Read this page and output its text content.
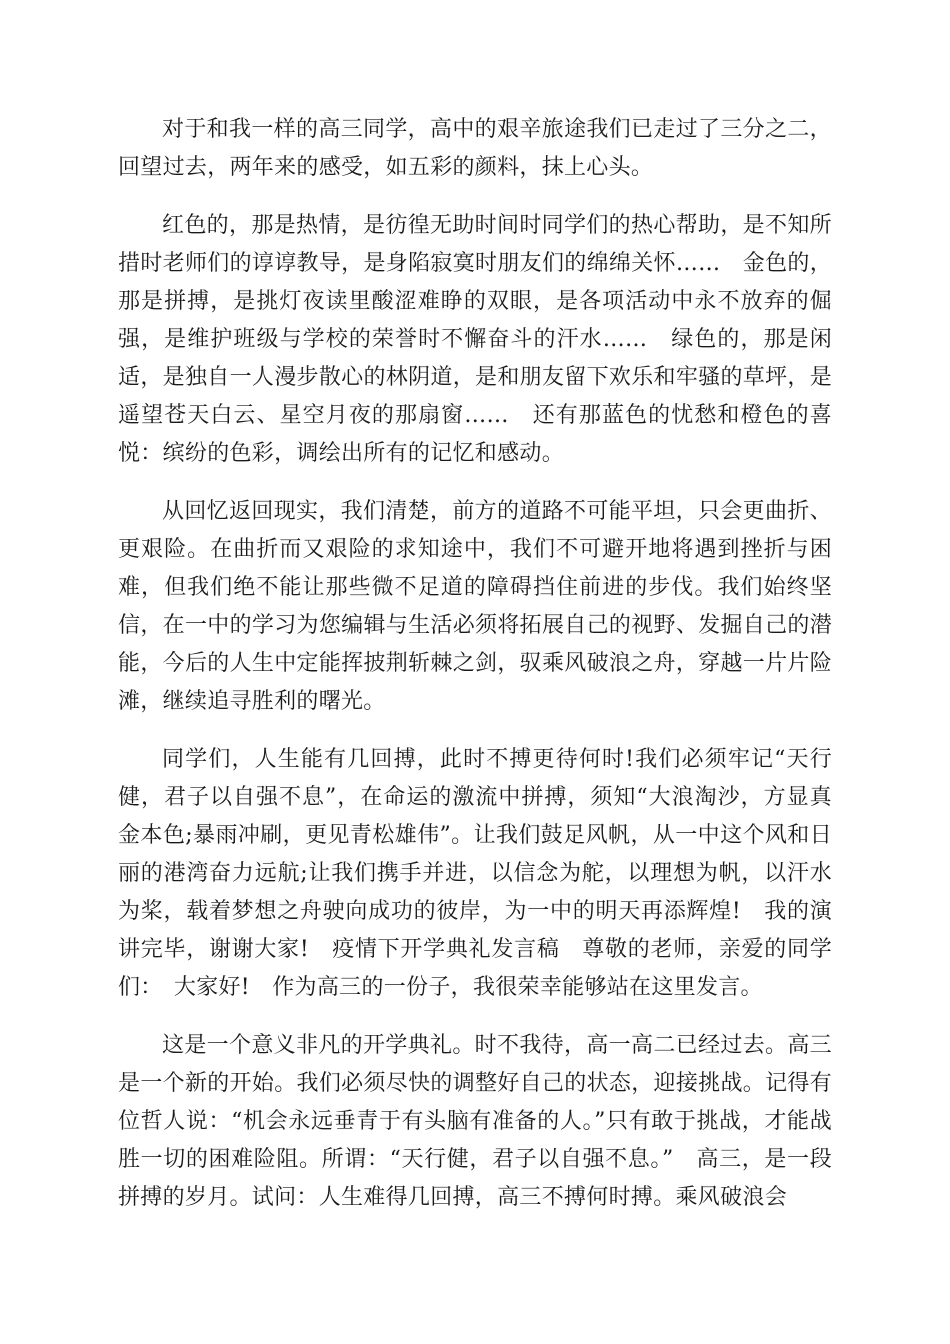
对于和我一样的高三同学，高中的艰辛旅途我们已走过了三分之二，回望过去，两年来的感受，如五彩的颜料，抹上心头。

红色的，那是热情，是彷徨无助时间时同学们的热心帮助，是不知所措时老师们的谆谆教导，是身陷寂寞时朋友们的绵绵关怀……　金色的，那是拼搏，是挑灯夜读里酸涩难睁的双眼，是各项活动中永不放弃的倔强，是维护班级与学校的荣誉时不懈奋斗的汗水……　绿色的，那是闲适，是独自一人漫步散心的林阴道，是和朋友留下欢乐和牢骚的草坪，是遥望苍天白云、星空月夜的那扇窗……　还有那蓝色的忧愁和橙色的喜悦：缤纷的色彩，调绘出所有的记忆和感动。

从回忆返回现实，我们清楚，前方的道路不可能平坦，只会更曲折、更艰险。在曲折而又艰险的求知途中，我们不可避开地将遇到挫折与困难，但我们绝不能让那些微不足道的障碍挡住前进的步伐。我们始终坚信，在一中的学习为您编辑与生活必须将拓展自己的视野、发掘自己的潜能，今后的人生中定能挥披荆斩棘之剑，驭乘风破浪之舟，穿越一片片险滩，继续追寻胜利的曙光。

同学们，人生能有几回搏，此时不搏更待何时!我们必须牢记“天行健，君子以自强不息”，在命运的激流中拼搏，须知“大浪淘沙，方显真金本色;暴雨冲刷，更见青松雄伟”。让我们鼓足风帆，从一中这个风和日丽的港湾奋力远航;让我们携手并进，以信念为舵，以理想为帆，以汗水为桨，载着梦想之舟驶向成功的彼岸，为一中的明天再添辉煌!　我的演讲完毕，谢谢大家!　疫情下开学典礼发言稿　尊敬的老师，亲爱的同学们：　大家好!　作为高三的一份子，我很荣幸能够站在这里发言。

这是一个意义非凡的开学典礼。时不我待，高一高二已经过去。高三是一个新的开始。我们必须尽快的调整好自己的状态，迎接挑战。记得有位哲人说：“机会永远垂青于有头脑有准备的人。”只有敢于挑战，才能战胜一切的困难险阻。所谓：“天行健，君子以自强不息。”　高三，是一段拼搏的岁月。试问：人生难得几回搏，高三不搏何时搏。乘风破浪会
